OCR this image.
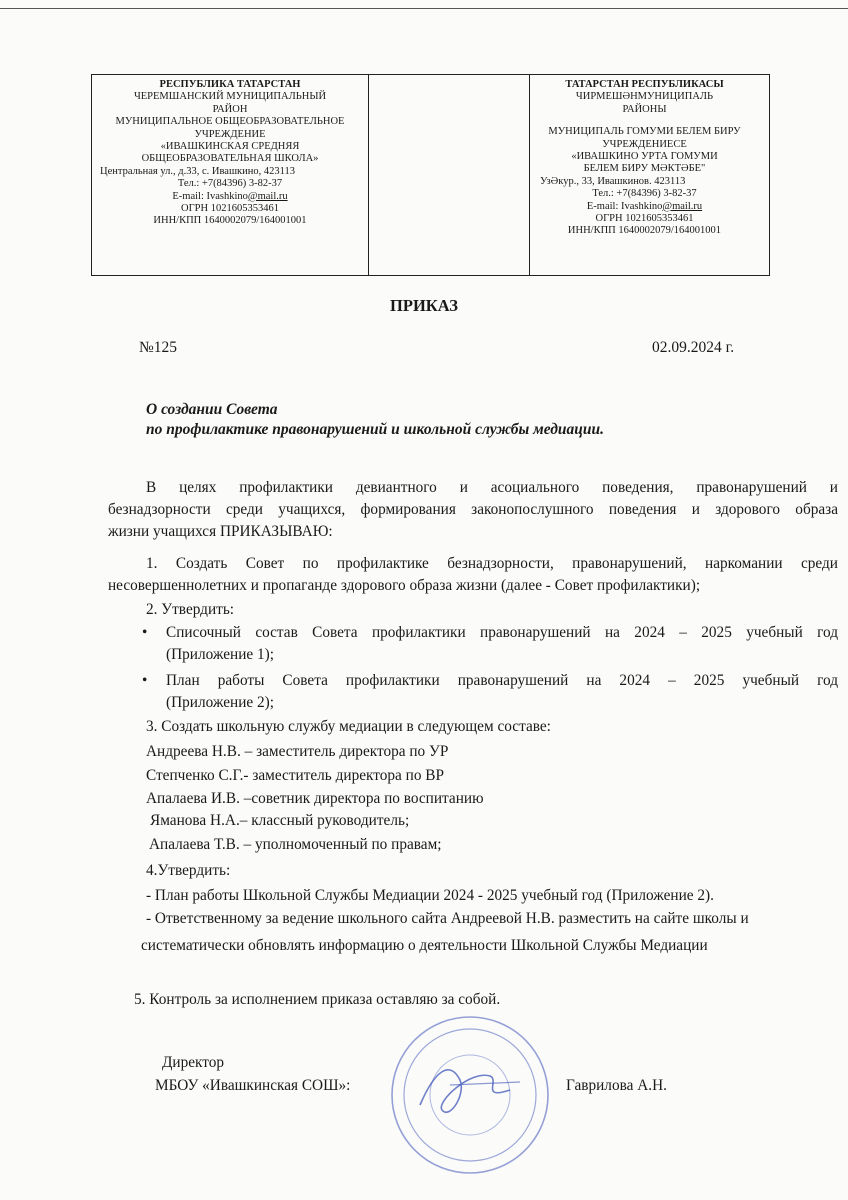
РЕСПУБЛИКА ТАТАРСТАН
ЧЕРЕМШАНСКИЙ МУНИЦИПАЛЬНЫЙ
РАЙОН
МУНИЦИПАЛЬНОЕ ОБЩЕОБРАЗОВАТЕЛЬНОЕ
УЧРЕЖДЕНИЕ
«ИВАШКИНСКАЯ СРЕДНЯЯ
ОБЩЕОБРАЗОВАТЕЛЬНАЯ ШКОЛА»
Центральная ул., д.33, с. Ивашкино, 423113
Тел.: +7(84396) 3-82-37
E-mail: Ivashkino@mail.ru
ОГРН 1021605353461
ИНН/КПП 1640002079/164001001
ТАТАРСТАН РЕСПУБЛИКАСЫ
ЧИРМЕШӘНМУНИЦИПАЛЬ
РАЙОНЫ
МУНИЦИПАЛЬ ГОМУМИ БЕЛЕМ БИРУ
УЧРЕЖДЕНИЕСЕ
«ИВАШКИНО УРТА ГОМУМИ
БЕЛЕМ БИРУ МӘКТӘБЕ"
УзӘкур., 33, Ивашкинов. 423113
Тел.: +7(84396) 3-82-37
E-mail: Ivashkino@mail.ru
ОГРН 1021605353461
ИНН/КПП 1640002079/164001001
ПРИКАЗ
№125	02.09.2024 г.
О создании Совета
по профилактике правонарушений и школьной службы медиации.
В целях профилактики девиантного и асоциального поведения, правонарушений и
безнадзорности среди учащихся, формирования законопослушного поведения и здорового образа
жизни учащихся ПРИКАЗЫВАЮ:
1. Создать Совет по профилактике безнадзорности, правонарушений, наркомании среди
несовершеннолетних и пропаганде здорового образа жизни (далее - Совет профилактики);
2. Утвердить:
• Списочный состав Совета профилактики правонарушений на 2024 – 2025 учебный год
(Приложение 1);
• План работы Совета профилактики правонарушений на 2024 – 2025 учебный год
(Приложение 2);
3. Создать школьную службу медиации в следующем составе:
Андреева Н.В. – заместитель директора по УР
Степченко С.Г.- заместитель директора по ВР
Апалаева И.В. –советник директора по воспитанию
Яманова Н.А.– классный руководитель;
Апалаева Т.В. – уполномоченный по правам;
4.Утвердить:
- План работы Школьной Службы Медиации 2024 - 2025 учебный год (Приложение 2).
- Ответственному за ведение школьного сайта Андреевой Н.В. разместить на сайте школы и
систематически обновлять информацию о деятельности Школьной Службы Медиации
5. Контроль за исполнением приказа оставляю за собой.
Директор
МБОУ «Ивашкинская СОШ»:	Гаврилова А.Н.
